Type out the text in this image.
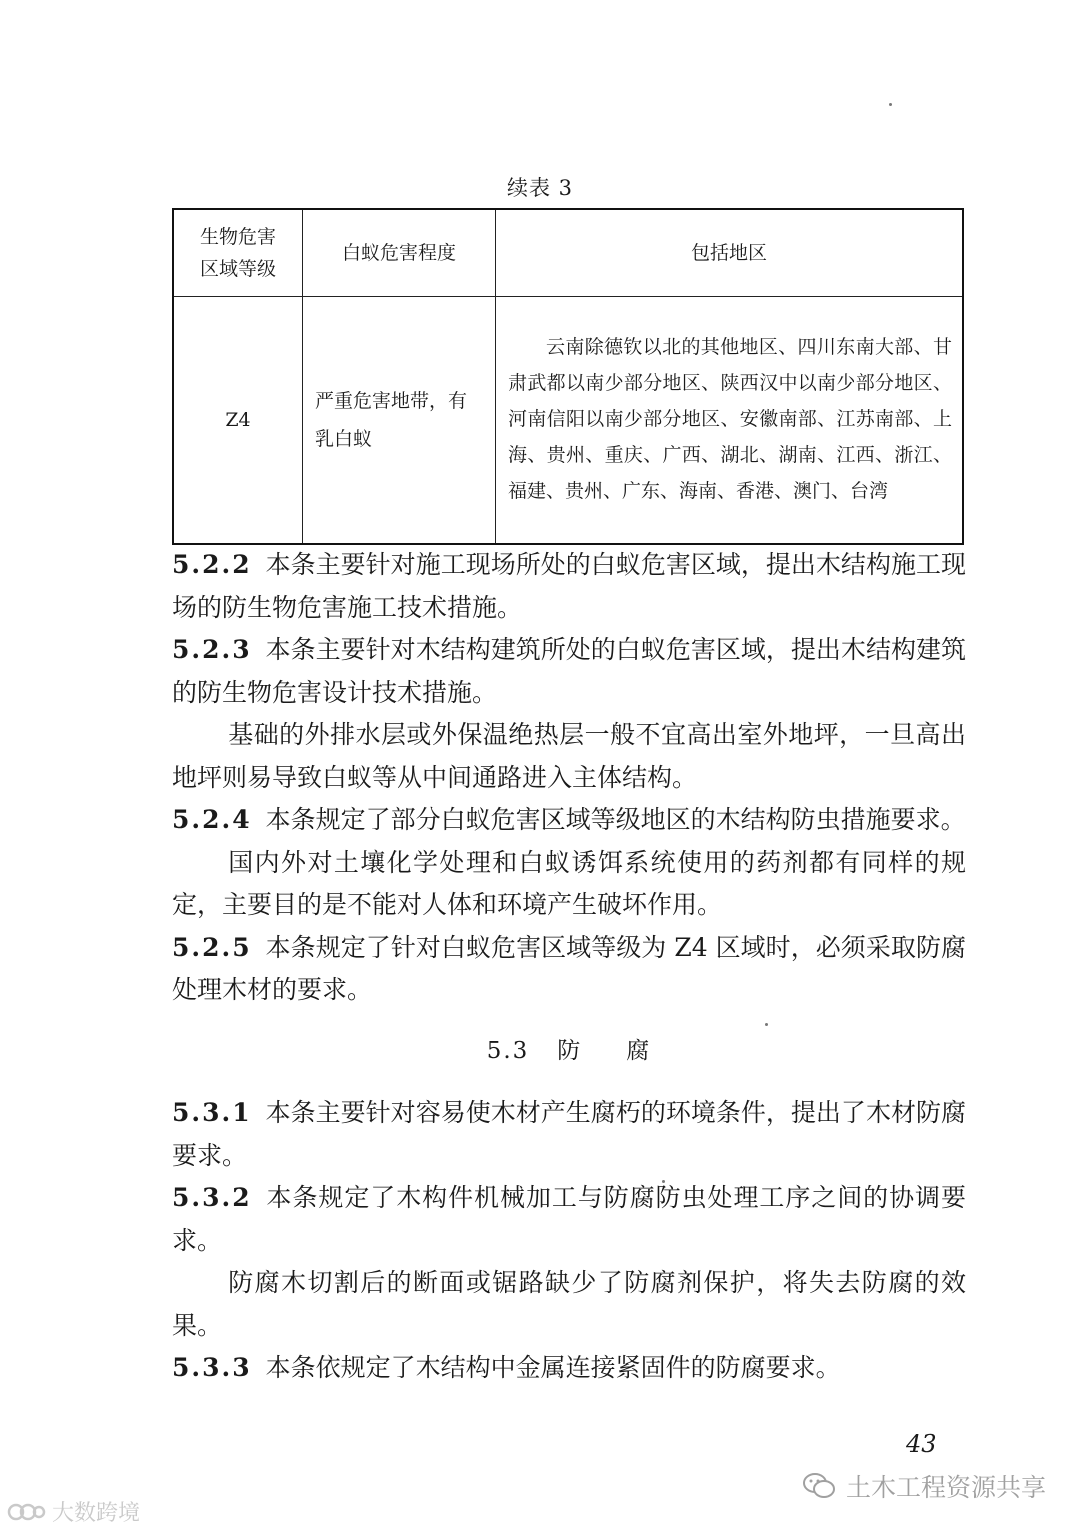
续表 3
生物危害
区域等级	白蚁危害程度	包括地区
Z4	严重危害地带，有乳白蚁	云南除德钦以北的其他地区、四川东南大部、甘肃武都以南少部分地区、陕西汉中以南少部分地区、河南信阳以南少部分地区、安徽南部、江苏南部、上海、贵州、重庆、广西、湖北、湖南、江西、浙江、福建、贵州、广东、海南、香港、澳门、台湾

5.2.2 本条主要针对施工现场所处的白蚁危害区域，提出木结构施工现场的防生物危害施工技术措施。

5.2.3 本条主要针对木结构建筑所处的白蚁危害区域，提出木结构建筑的防生物危害设计技术措施。

基础的外排水层或外保温绝热层一般不宜高出室外地坪，一旦高出地坪则易导致白蚁等从中间通路进入主体结构。

5.2.4 本条规定了部分白蚁危害区域等级地区的木结构防虫措施要求。

国内外对土壤化学处理和白蚁诱饵系统使用的药剂都有同样的规定，主要目的是不能对人体和环境产生破坏作用。

5.2.5 本条规定了针对白蚁危害区域等级为 Z4 区域时，必须采取防腐处理木材的要求。

5.3 防 腐

5.3.1 本条主要针对容易使木材产生腐朽的环境条件，提出了木材防腐要求。

5.3.2 本条规定了木构件机械加工与防腐防虫处理工序之间的协调要求。

防腐木切割后的断面或锯路缺少了防腐剂保护，将失去防腐的效果。

5.3.3 本条依规定了木结构中金属连接紧固件的防腐要求。

43
大数跨境
土木工程资源共享
